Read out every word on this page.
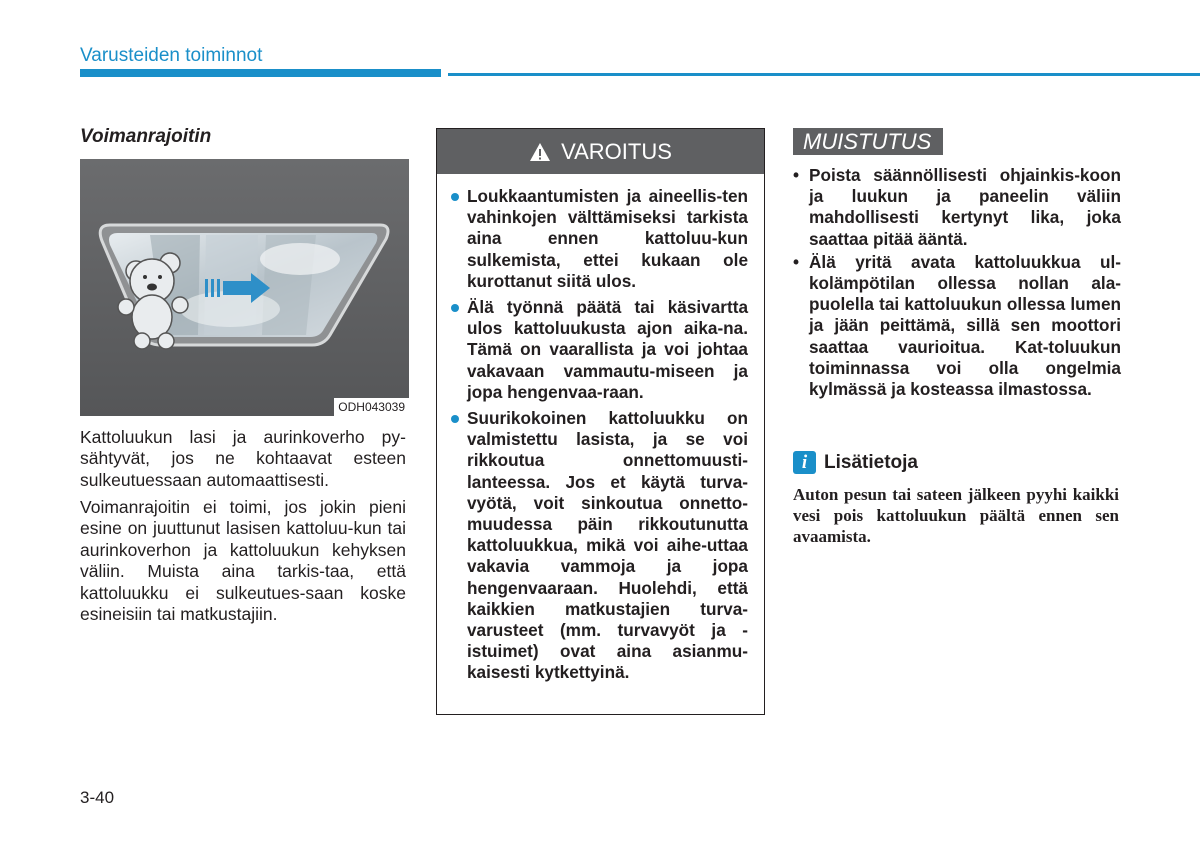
Varusteiden toiminnot
Voimanrajoitin
ODH043039

Kattoluukun lasi ja aurinkoverho py-sähtyvät, jos ne kohtaavat esteen sulkeutuessaan automaattisesti.

Voimanrajoitin ei toimi, jos jokin pieni esine on juuttunut lasisen kattoluu-kun tai aurinkoverhon ja kattoluukun kehyksen väliin. Muista aina tarkis-taa, että kattoluukku ei sulkeutues-saan koske esineisiin tai matkustajiin.

VAROITUS
Loukkaantumisten ja aineellis-ten vahinkojen välttämiseksi tarkista aina ennen kattoluu-kun sulkemista, ettei kukaan ole kurottanut siitä ulos.
Älä työnnä päätä tai käsivartta ulos kattoluukusta ajon aika-na. Tämä on vaarallista ja voi johtaa vakavaan vammautu-miseen ja jopa hengenvaa-raan.
Suurikokoinen kattoluukku on valmistettu lasista, ja se voi rikkoutua onnettomuusti-lanteessa. Jos et käytä turva-vyötä, voit sinkoutua onnetto-muudessa päin rikkoutunutta kattoluukkua, mikä voi aihe-uttaa vakavia vammoja ja jopa hengenvaaraan. Huolehdi, että kaikkien matkustajien turva-varusteet (mm. turvavyöt ja -istuimet) ovat aina asianmu-kaisesti kytkettyinä.
MUISTUTUS
• Poista säännöllisesti ohjainkis-koon ja luukun ja paneelin väliin mahdollisesti kertynyt lika, joka saattaa pitää ääntä.
• Älä yritä avata kattoluukkua ul-kolämpötilan ollessa nollan ala-puolella tai kattoluukun ollessa lumen ja jään peittämä, sillä sen moottori saattaa vaurioitua. Kat-toluukun toiminnassa voi olla ongelmia kylmässä ja kosteassa ilmastossa.
i Lisätietoja
Auton pesun tai sateen jälkeen pyyhi kaikki vesi pois kattoluukun päältä ennen sen avaamista.
3-40
